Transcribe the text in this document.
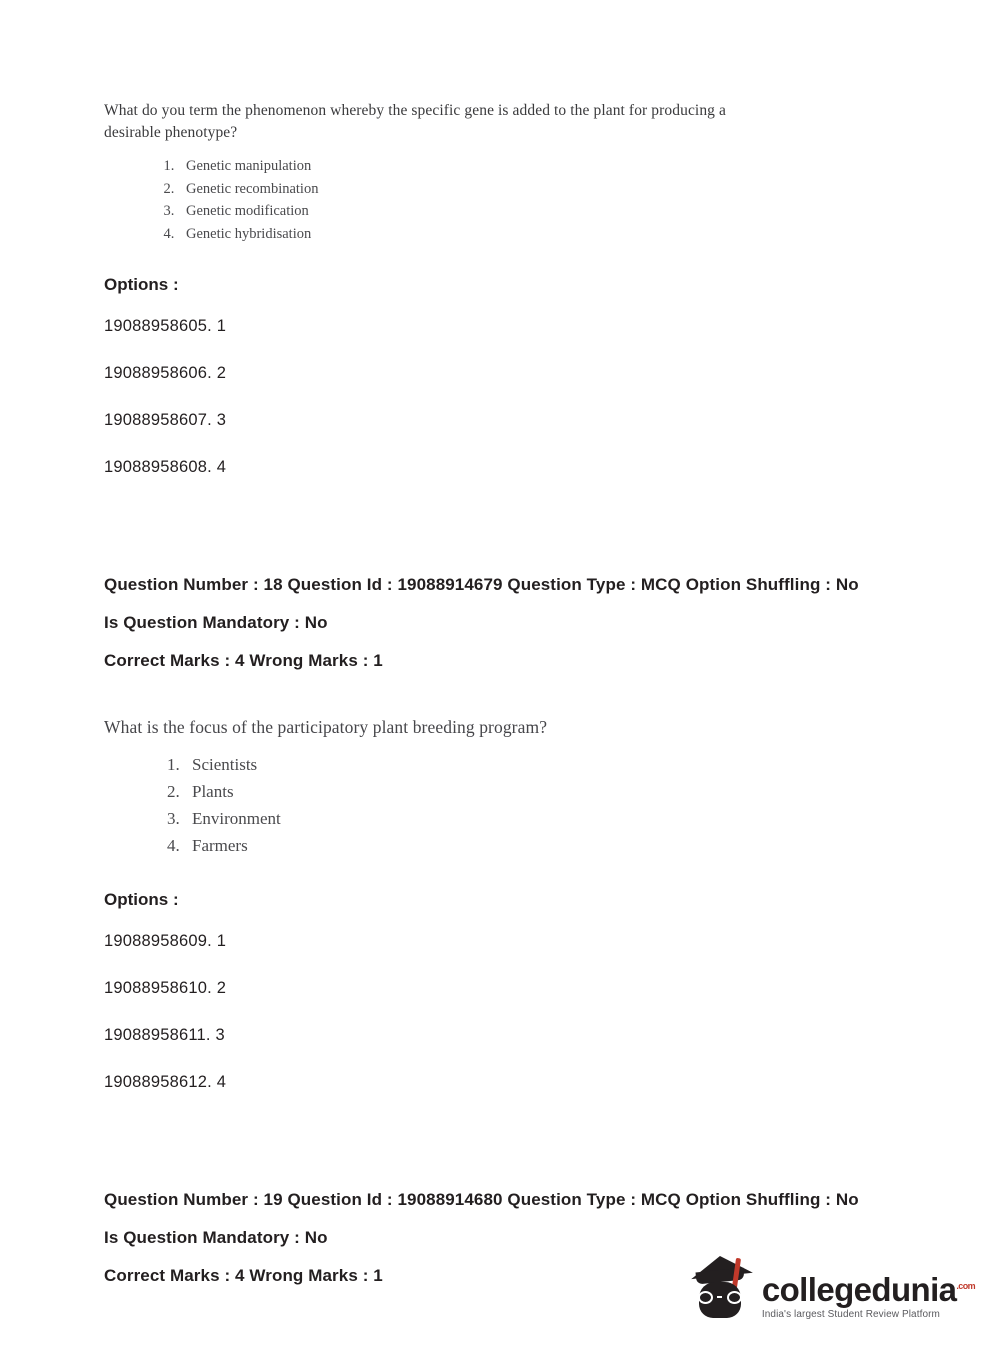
What do you term the phenomenon whereby the specific gene is added to the plant for producing a desirable phenotype?

1. Genetic manipulation
2. Genetic recombination
3. Genetic modification
4. Genetic hybridisation
Options :
19088958605. 1
19088958606. 2
19088958607. 3
19088958608. 4
Question Number : 18 Question Id : 19088914679 Question Type : MCQ Option Shuffling : No
Is Question Mandatory : No
Correct Marks : 4 Wrong Marks : 1

What is the focus of the participatory plant breeding program?

1. Scientists
2. Plants
3. Environment
4. Farmers
Options :
19088958609. 1
19088958610. 2
19088958611. 3
19088958612. 4
Question Number : 19 Question Id : 19088914680 Question Type : MCQ Option Shuffling : No
Is Question Mandatory : No
Correct Marks : 4 Wrong Marks : 1	collegedunia$^{.com}$
India's largest Student Review Platform
